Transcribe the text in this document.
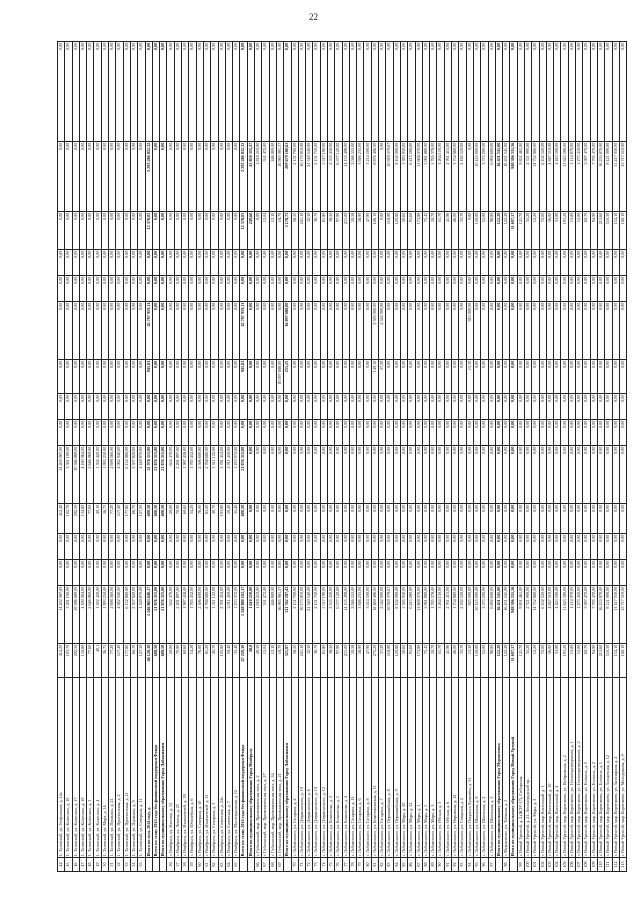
22
44	1. Тазовский, ул. Геофизиков, д. 14а	414,20	14 202 087,00	0,00	0,00	412,40	14 202 087,00	0,00	0,00	0,00	0,00	0,00	0,00	0,00	0,00	0,00
45	1. Тазовский, ул. Калинина, д. 10	103,70	3 581 100,00	0,00	0,00	102,70	3 581 100,00	0,00	0,00	0,00	0,00	0,00	0,00	0,00	0,00	0,00
46	1. Тазовский, ул. Калинина, д. 17	292,50	10 386 889,00	0,00	0,00	292,50	10 386 889,00	0,00	0,00	0,00	0,00	0,00	0,00	0,00	0,00	0,00
47	1. Тазовский, ул. Калинина, д. 19	134,80	4 180 064,00	0,00	0,00	134,80	4 180 064,00	0,00	0,00	0,00	0,00	0,00	0,00	0,00	0,00	0,00
48	1. Тазовский, ул. Калинина, д. 3	77,60	2 646 960,00	0,00	0,00	77,60	2 646 960,00	0,00	0,00	0,00	0,00	0,00	0,00	0,00	0,00	0,00
49	1. Тазовский, ул. Калинина, д. 4	40,1	1 302 420,00	0,00	0,00	40,10	1 302 420,00	0,00	0,00	0,00	0,00	0,00	0,00	0,00	0,00	0,00
50	1. Тазовский, ул. Мира, д. 16	36,75	1 993 250,00	0,00	0,00	36,75	1 993 250,00	0,00	0,00	0,00	0,00	0,00	0,00	0,00	0,00	0,00
51	1. Тазовский, ул. Пушкина, д. 21	77,20	2 698 560,00	0,00	0,00	77,20	2 698 560,00	0,00	0,00	0,00	0,00	0,00	0,00	0,00	0,00	0,00
52	1. Тазовский, ул. Пристанская, д. 2	117,40	4 062 040,00	0,00	0,00	117,40	4 062 040,00	0,00	0,00	0,00	0,00	0,00	0,00	0,00	0,00	0,00
53	1. Тазовский, ул. Пристанская, д. 21	177,80	6 152 880,00	0,00	0,00	177,80	6 152 880,00	0,00	0,00	0,00	0,00	0,00	0,00	0,00	0,00	0,00
54	1. Тазовский, ул. Пушкина, д. 9	66,70	2 307 820,00	0,00	0,00	66,70	2 307 820,00	0,00	0,00	0,00	0,00	0,00	0,00	0,00	0,00	0,00
55	1. Тазовский, ул. Северная, д. 11	127,30	4 449 870,00	0,00	0,00	127,30	4 449 870,00	0,00	0,00	0,00	0,00	0,00	0,00	0,00	0,00	0,00
	Итого по мун. 2014 году, д.	46 120,10	1 346 863 640,17	0,00	0,00	600,50	21 976 115,00	0,00	0,00	941,81	42 707 959,11	0,00	0,00	12 378,05	3 293 286 832,32	0,00
	Всего по этапу 2014 года без финансовой поддержки Фонда	608,50	21 876 315,00	0,00	0,00	600,50	21 876 315,00	0,00	0,00	0,00	0,00	0,00	0,00	0,00	0,00	0,00
	Итого по муниципальному образованию Город Лабытнанги	608,50	21 876 315,00	0,00	0,00	600,50	21 876 315,00	0,00	0,00	0,00	0,00	0,00	0,00	0,00	0,00	0,00
56	г. Ноябрьск, ул. Власова, д. 13	20,00	652 470,00	0,00	0,00	20,00	652 470,00	0,00	0,00	0,00	0,00	0,00	0,00	0,00	0,00	0,00
57	г. Ноябрьск, ул. Ленина, д. 25	70,90	2 281 897,00	0,00	0,00	70,90	2 281 897,00	0,00	0,00	0,00	0,00	0,00	0,00	0,00	0,00	0,00
58	г. Ноябрьск, ул. Изыскателей, д. 39	60,60	1 987 458,00	0,00	0,00	60,60	1 987 458,00	0,00	0,00	0,00	0,00	0,00	0,00	0,00	0,00	0,00
59	г. Ноябрьск, ул. Юбилейная, д. 6	54,20	1 785 452,00	0,00	0,00	54,20	1 785 452,00	0,00	0,00	0,00	0,00	0,00	0,00	0,00	0,00	0,00
60	г. Ноябрьск, ул. Северная, д. 10	76,00	2 506 600,00	0,00	0,00	76,00	2 506 600,00	0,00	0,00	0,00	0,00	0,00	0,00	0,00	0,00	0,00
61	г. Ноябрьск, ул. Изыскателей, д. 11	81,20	2 768 680,00	0,00	0,00	81,20	2 768 680,00	0,00	0,00	0,00	0,00	0,00	0,00	0,00	0,00	0,00
62	г. Ноябрьск, ул. Северная, д. 3	40,70	1 311 122,00	0,00	0,00	40,70	1 311 122,00	0,00	0,00	0,00	0,00	0,00	0,00	0,00	0,00	0,00
63	г. Ноябрьск, ул. Советская, д. 24а	103,80	2 781 454,00	0,00	0,00	103,80	2 781 454,00	0,00	0,00	0,00	0,00	0,00	0,00	0,00	0,00	0,00
64	г. Ноябрьск, ул. Советская, д. 7	59,40	2 011 450,00	0,00	0,00	59,40	2 011 450,00	0,00	0,00	0,00	0,00	0,00	0,00	0,00	0,00	0,00
65	г. Ноябрьск, ул. Магистральная, д. 12	35,40	1 233 072,00	0,00	0,00	35,40	1 233 072,00	0,00	0,00	0,00	0,00	0,00	0,00	0,00	0,00	0,00
	Всего по этапу 2014 года без финансовой поддержки Фонда	47 250,10	1 348 880 102,17	0,00	0,00	600,50	21 876 315,00	0,00	0,00	941,81	42 707 959,11	0,00	0,00	12 378,05	3 293 286 832,32	0,00
	Итого по муниципальному образованию Город Ноябрьск	48,0	1 610 210,00	0,00	0,00	0,00	0,00	0,00	0,00	0,00	0,00	0,00	0,00	249,60	43 850 355,47	0,00
66	г. Губкинский, мкр. Промышленная зона, д. 2	49,50	1 818 210,00	0,00	0,00	0,00	0,00	0,00	0,00	0,00	0,00	0,00	0,00	0,00	1 818 210,00	0,00
67	г. Губкинский, мкр. Промышленная зона, д. 27	15,04	551 472,00	0,00	0,00	0,00	0,00	0,00	0,00	0,00	0,00	0,00	0,00	15,04	551 472,00	0,00
68	г. Губкинский, мкр. Промышленная зона, д. 34	12,10	446 800,00	0,00	0,00	0,00	0,00	0,00	0,00	0,00	0,00	0,00	0,00	12,10	446 800,00	0,00
69	г. Губкинский, мкр. Промышленная зона, д. 21	18,70	16 985 981,37	0,00	0,00	0,00	0,00	0,00	0,00	16 097 688,00	0,00	0,00	0,00	18,70	16 985 981,37	0,00
	Итого по муниципальному образованию Город Лабытнанги	321,87	211 762 287,43	0,00	0,00	0,00	0,00	0,00	0,00	251,25	16 097 688,00	0,00	0,00	3 178,73	209 679 180,63	0,00
70	г. Лабытнанги, ул. Гагарина, д. 2	58,50	2 151 700,00	0,00	0,00	0,00	0,00	0,00	0,00	0,00	0,00	0,00	0,00	58,50	2 151 700,00	0,00
71	г. Лабытнанги, ул. Дзержинского, д. 10	241,10	16 173 810,00	0,00	0,00	0,00	0,00	0,00	0,00	0,00	0,00	0,00	0,00	241,10	16 173 810,00	0,00
72	г. Лабытнанги, ул. Дзержинского, д. 6	32,30	21 340 540,00	0,00	0,00	0,00	0,00	0,00	0,00	0,00	0,00	0,00	0,00	32,30	21 340 540,00	0,00
73	г. Лабытнанги, ул. Дзержинского, д. 10	36,70	2 151 750,00	0,00	0,00	0,00	0,00	0,00	0,00	0,00	0,00	0,00	0,00	36,70	2 151 750,00	0,00
74	г. Лабытнанги, ул. Дзержинского, д. 12	81,80	5 517 190,00	0,00	0,00	0,00	0,00	0,00	0,00	0,00	0,00	0,00	0,00	81,80	5 517 190,00	0,00
75	г. Лабытнанги, ул. Бованенко, д. 3	38,50	2 555 430,00	0,00	0,00	0,00	0,00	0,00	0,00	0,00	0,00	0,00	0,00	38,50	2 555 430,00	0,00
76	г. Лабытнанги, ул. Бованенко, д. 1	97,90	6 577 120,00	0,00	0,00	0,00	0,00	0,00	0,00	0,00	0,00	0,00	0,00	97,90	6 577 120,00	0,00
77	г. Лабытнанги, ул. Бованенко, д. 4	211,00	14 155 498,00	0,00	0,00	0,00	0,00	0,00	0,00	0,00	0,00	0,00	0,00	211,00	14 155 498,00	0,00
78	г. Лабытнанги, ул. Гагарина, д. 11	30,58	2 046 555,00	0,00	0,00	0,00	0,00	0,00	0,00	0,00	0,00	0,00	0,00	30,58	2 046 555,00	0,00
79	г. Лабытнанги, ул. Гагарина, д. 6	58,90	3 926 235,00	0,00	0,00	0,00	0,00	0,00	0,00	0,00	0,00	0,00	0,00	58,90	3 926 235,00	0,00
80	г. Лабытнанги, ул. Гагарина, д. 8	47,90	3 214 500,00	0,00	0,00	0,00	0,00	0,00	0,00	0,00	0,00	0,00	0,00	47,90	3 214 500,00	0,00
81	г. Лабытнанги, ул. Комсомольская, д. 11	275,20	18 469 406,00	0,00	0,00	0,00	0,00	0,00	0,00	149,10	9 593 000,00	0,00	0,00	126,10	8 876 406,00	0,00
82	г. Лабытнанги, ул. Гагарина, д. 7	37,20	2 542 000,00	0,00	0,00	0,00	0,00	0,00	0,00	37,20	2 542 000,00	0,00	0,00	0,00	0,00	0,00
83	г. Лабытнанги, ул. Первомайская, д. 8	118,90	10 929 379,67	0,00	0,00	0,00	0,00	0,00	0,00	0,00	0,00	0,00	0,00	118,90	10 929 379,67	0,00
84	г. Лабытнанги, ул. Первомайская, д. 9	120,80	8 102 090,00	0,00	0,00	0,00	0,00	0,00	0,00	0,00	0,00	0,00	0,00	120,80	8 102 090,00	0,00
85	г. Лабытнанги, ул. Мира, д. 20	50,60	3 385 950,00	0,00	0,00	0,00	0,00	0,00	0,00	0,00	0,00	0,00	0,00	50,60	3 385 950,00	0,00
86	г. Лабытнанги, ул. Мира, д. 22	95,60	6 415 280,00	0,00	0,00	0,00	0,00	0,00	0,00	0,00	0,00	0,00	0,00	95,60	6 415 280,00	0,00
87	г. Лабытнанги, ул. Мира, д. 1	173,89	11 668 070,00	0,00	0,00	0,00	0,00	0,00	0,00	0,00	0,00	0,00	0,00	173,89	11 668 070,00	0,00
88	г. Лабытнанги, ул. Мира, д. 5	75,45	5 061 880,00	0,00	0,00	0,00	0,00	0,00	0,00	0,00	0,00	0,00	0,00	75,45	5 061 880,00	0,00
89	г. Лабытнанги, ул. Мира, д. 3	30,70	1 785 378,00	0,00	0,00	0,00	0,00	0,00	0,00	0,00	0,00	0,00	0,00	30,70	1 785 378,00	0,00
90	г. Лабытнанги, ул. Обская, д. 3	51,70	3 264 150,00	0,00	0,00	0,00	0,00	0,00	0,00	0,00	0,00	0,00	0,00	51,70	3 264 150,00	0,00
91	г. Лабытнанги, ул. Обская, д. 6	41,96	2 761 415,00	0,00	0,00	0,00	0,00	0,00	0,00	0,00	0,00	0,00	0,00	41,96	2 761 415,00	0,00
92	г. Лабытнанги, ул. Овражная, д. 12	26,00	1 754 880,00	0,00	0,00	0,00	0,00	0,00	0,00	0,00	0,00	0,00	0,00	26,00	1 754 880,00	0,00
93	г. Лабытнанги, ул. Северная, д. 2	33,70	2 182 520,00	0,00	0,00	0,00	0,00	0,00	0,00	0,00	0,00	0,00	0,00	33,70	2 182 520,00	0,00
94	г. Лабытнанги, ул. Патрисса Лумумбы, д. 31	15,30	925 000,00	0,00	0,00	0,00	0,00	0,00	0,00	15,30	925 000,00	0,00	0,00	0,00	0,00	0,00
95	г. Лабытнанги, ул. Школьная, д. 8	150,00	10 125 000,00	0,00	0,00	0,00	0,00	0,00	0,00	0,00	0,00	0,00	0,00	150,00	10 125 000,00	0,00
96	г. Лабытнанги, ул. Школьная, д. 2	52,00	3 573 200,00	0,00	0,00	0,00	0,00	0,00	0,00	0,00	0,00	0,00	0,00	52,00	3 573 200,00	0,00
97	г. Лабытнанги, ул. Школьная, д. 3	98,00	6 892 600,00	0,00	0,00	0,00	0,00	0,00	0,00	0,00	0,00	0,00	0,00	98,00	6 892 600,00	0,00
	Итого по муниципальному образованию Город Муравленко	122,20	16 431 541,00	0,00	0,00	0,00	0,00	0,00	0,00	0,00	0,00	0,00	0,00	122,20	16 431 541,00	0,00
98	г. Муравленко, ул. Таёжная, д. 5	122,20	16 431 541,00	0,00	0,00	0,00	0,00	0,00	0,00	0,00	0,00	0,00	0,00	122,20	16 431 541,00	0,00
	Итого по муниципальному образованию Город Новый Уренгой	11 697,17	948 306 331,56	0,00	0,00	0,00	0,00	0,00	0,00	0,00	0,00	0,00	0,00	11 697,17	948 306 331,56	0,00
99	г. Новый Уренгой, д. 2 (ЖЭУ-17), Сибирская	121,70	9 851 461,00	0,00	0,00	0,00	0,00	0,00	0,00	0,00	0,00	0,00	0,00	121,70	9 851 461,00	0,00
100	г. Новый Уренгой, д. 21, Ленинградский пр.	31,20	2 721 990,00	0,00	0,00	0,00	0,00	0,00	0,00	0,00	0,00	0,00	0,00	31,20	2 721 990,00	0,00
101	г. Новый Уренгой, ул. Мира, д. 2	12,20	14 752 880,00	0,00	0,00	0,00	0,00	0,00	0,00	0,00	0,00	0,00	0,00	12,20	14 752 880,00	0,00
102	г. Новый Уренгой, мкр. Восточный, д. 1	72,00	6 102 520,00	0,00	0,00	0,00	0,00	0,00	0,00	0,00	0,00	0,00	0,00	72,00	6 102 520,00	0,00
103	г. Новый Уренгой, мкр. Восточный, д. 10	56,00	4 847 510,00	0,00	0,00	0,00	0,00	0,00	0,00	0,00	0,00	0,00	0,00	56,00	4 847 510,00	0,00
104	г. Новый Уренгой, мкр. Восточный, д. 4	53,90	4 423 590,00	0,00	0,00	0,00	0,00	0,00	0,00	0,00	0,00	0,00	0,00	53,90	4 423 590,00	0,00
105	г. Новый Уренгой, мкр. Коротчаево, ул. Набережная, д. 2	193,20	11 623 580,00	0,00	0,00	0,00	0,00	0,00	0,00	0,00	0,00	0,00	0,00	193,20	11 623 580,00	0,00
106	г. Новый Уренгой, мкр. Коротчаево, ул. Геологоразведчиков, д. 1	13,00	1 114 970,00	0,00	0,00	0,00	0,00	0,00	0,00	0,00	0,00	0,00	0,00	13,00	1 114 970,00	0,00
107	г. Новый Уренгой, мкр. Коротчаево, ул. Геологоразведчиков, д. 2	15,00	1 273 450,00	0,00	0,00	0,00	0,00	0,00	0,00	0,00	0,00	0,00	0,00	15,00	1 273 450,00	0,00
108	г. Новый Уренгой, мкр. Коротчаево, ул. Есенина, д. 5	60,70	5 087 470,00	0,00	0,00	0,00	0,00	0,00	0,00	0,00	0,00	0,00	0,00	60,70	5 087 470,00	0,00
109	г. Новый Уренгой, мкр. Коротчаево, ул. Есенина, д. 2	94,90	7 795 470,00	0,00	0,00	0,00	0,00	0,00	0,00	0,00	0,00	0,00	0,00	94,90	7 795 470,00	0,00
110	г. Новый Уренгой, мкр. Коротчаево, ул. Есенина, д. 1	213,60	16 253 870,00	0,00	0,00	0,00	0,00	0,00	0,00	0,00	0,00	0,00	0,00	213,60	16 253 870,00	0,00
111	г. Новый Уренгой, мкр. Коротчаево, ул. Загадочная, д. 12	110,30	8 121 000,00	0,00	0,00	0,00	0,00	0,00	0,00	0,00	0,00	0,00	0,00	110,30	8 121 000,00	0,00
112	г. Новый Уренгой, мкр. Коротчаево, ул. Заполярная, д. 2	154,10	11 417 030,00	0,00	0,00	0,00	0,00	0,00	0,00	0,00	0,00	0,00	0,00	154,10	11 417 030,00	0,00
113	г. Новый Уренгой, мкр. Коротчаево, ул. Молодежная, д. 9	180,10	15 717 510,00	0,00	0,00	0,00	0,00	0,00	0,00	0,00	0,00	0,00	0,00	180,10	15 717 510,00	0,00
